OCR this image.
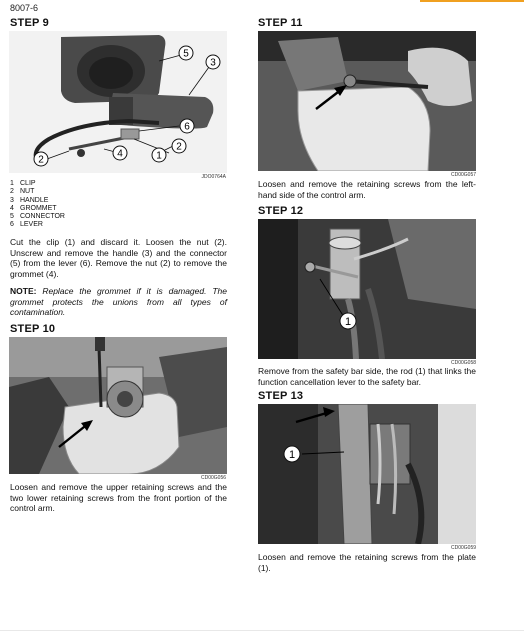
8007-6
STEP 9
5
3
6
2
1
4
2
JDO0764A
1 CLIP
2 NUT
3 HANDLE
4 GROMMET
5 CONNECTOR
6 LEVER
Cut the clip (1) and discard it. Loosen the nut (2). Unscrew and remove the handle (3) and the connector (5) from the lever (6). Remove the nut (2) to remove the grommet (4).
NOTE: Replace the grommet if it is damaged. The grommet protects the unions from all types of contamination.
STEP 10
CD00G056
Loosen and remove the upper retaining screws and the two lower retaining screws from the front portion of the control arm.
STEP 11
CD00G057
Loosen and remove the retaining screws from the left-hand side of the control arm.
STEP 12
1
CD00G058
Remove from the safety bar side, the rod (1) that links the function cancellation lever to the safety bar.
STEP 13
1
CD00G059
Loosen and remove the retaining screws from the plate (1).
